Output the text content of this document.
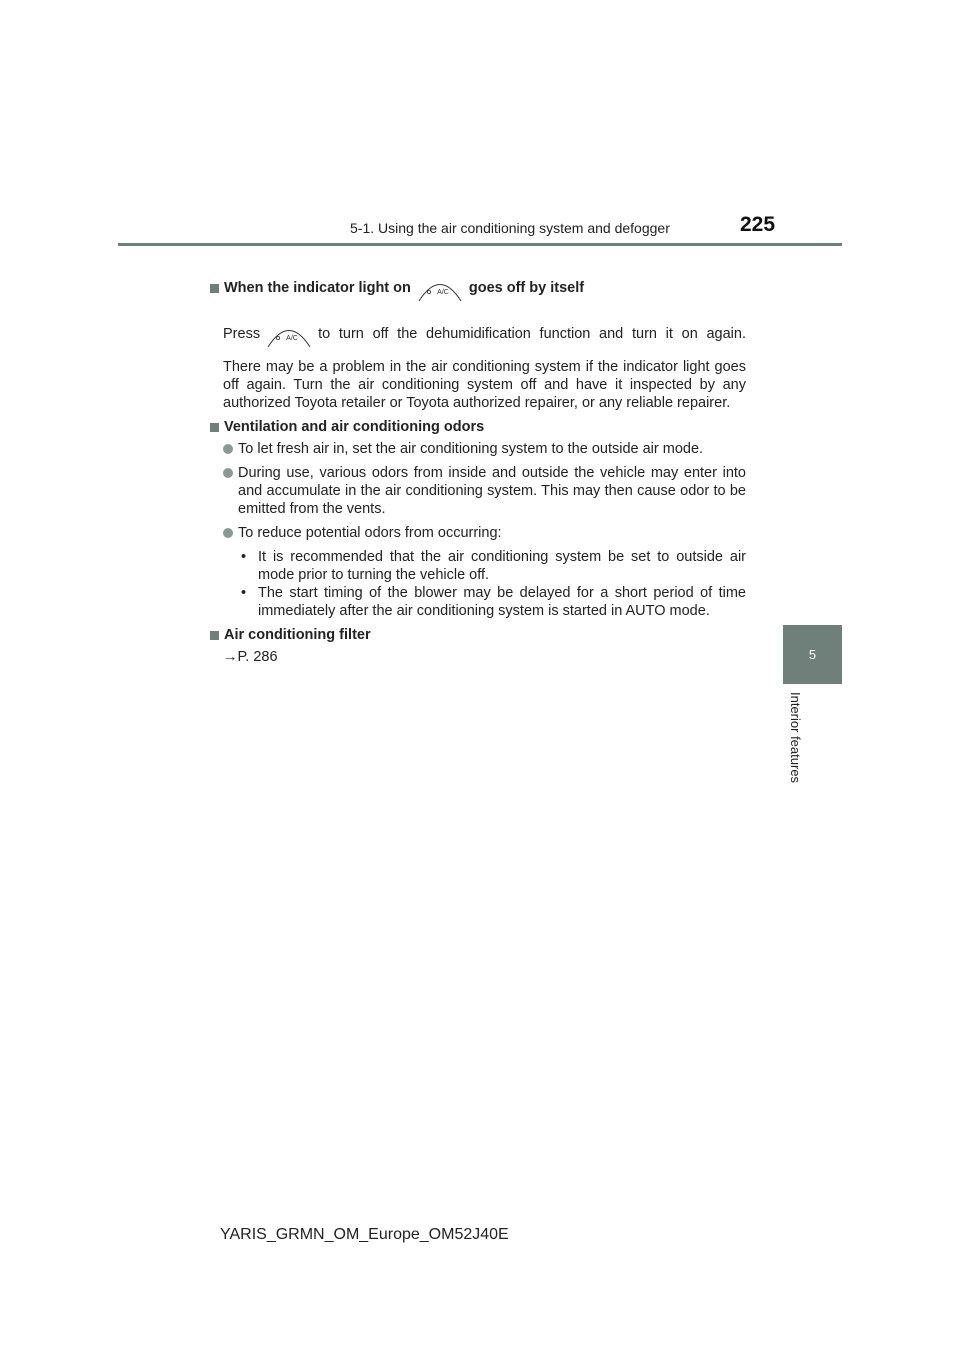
5-1. Using the air conditioning system and defogger	225
5
Interior features
When the indicator light on	A/C goes off by itself
Press	A/C to turn off the dehumidification function and turn it on again.
There may be a problem in the air conditioning system if the indicator light goes off again. Turn the air conditioning system off and have it inspected by any authorized Toyota retailer or Toyota authorized repairer, or any reliable repairer.
Ventilation and air conditioning odors
To let fresh air in, set the air conditioning system to the outside air mode.
During use, various odors from inside and outside the vehicle may enter into and accumulate in the air conditioning system. This may then cause odor to be emitted from the vents.
To reduce potential odors from occurring:
• It is recommended that the air conditioning system be set to outside air mode prior to turning the vehicle off.
• The start timing of the blower may be delayed for a short period of time immediately after the air conditioning system is started in AUTO mode.
Air conditioning filter
→P. 286
YARIS_GRMN_OM_Europe_OM52J40E
